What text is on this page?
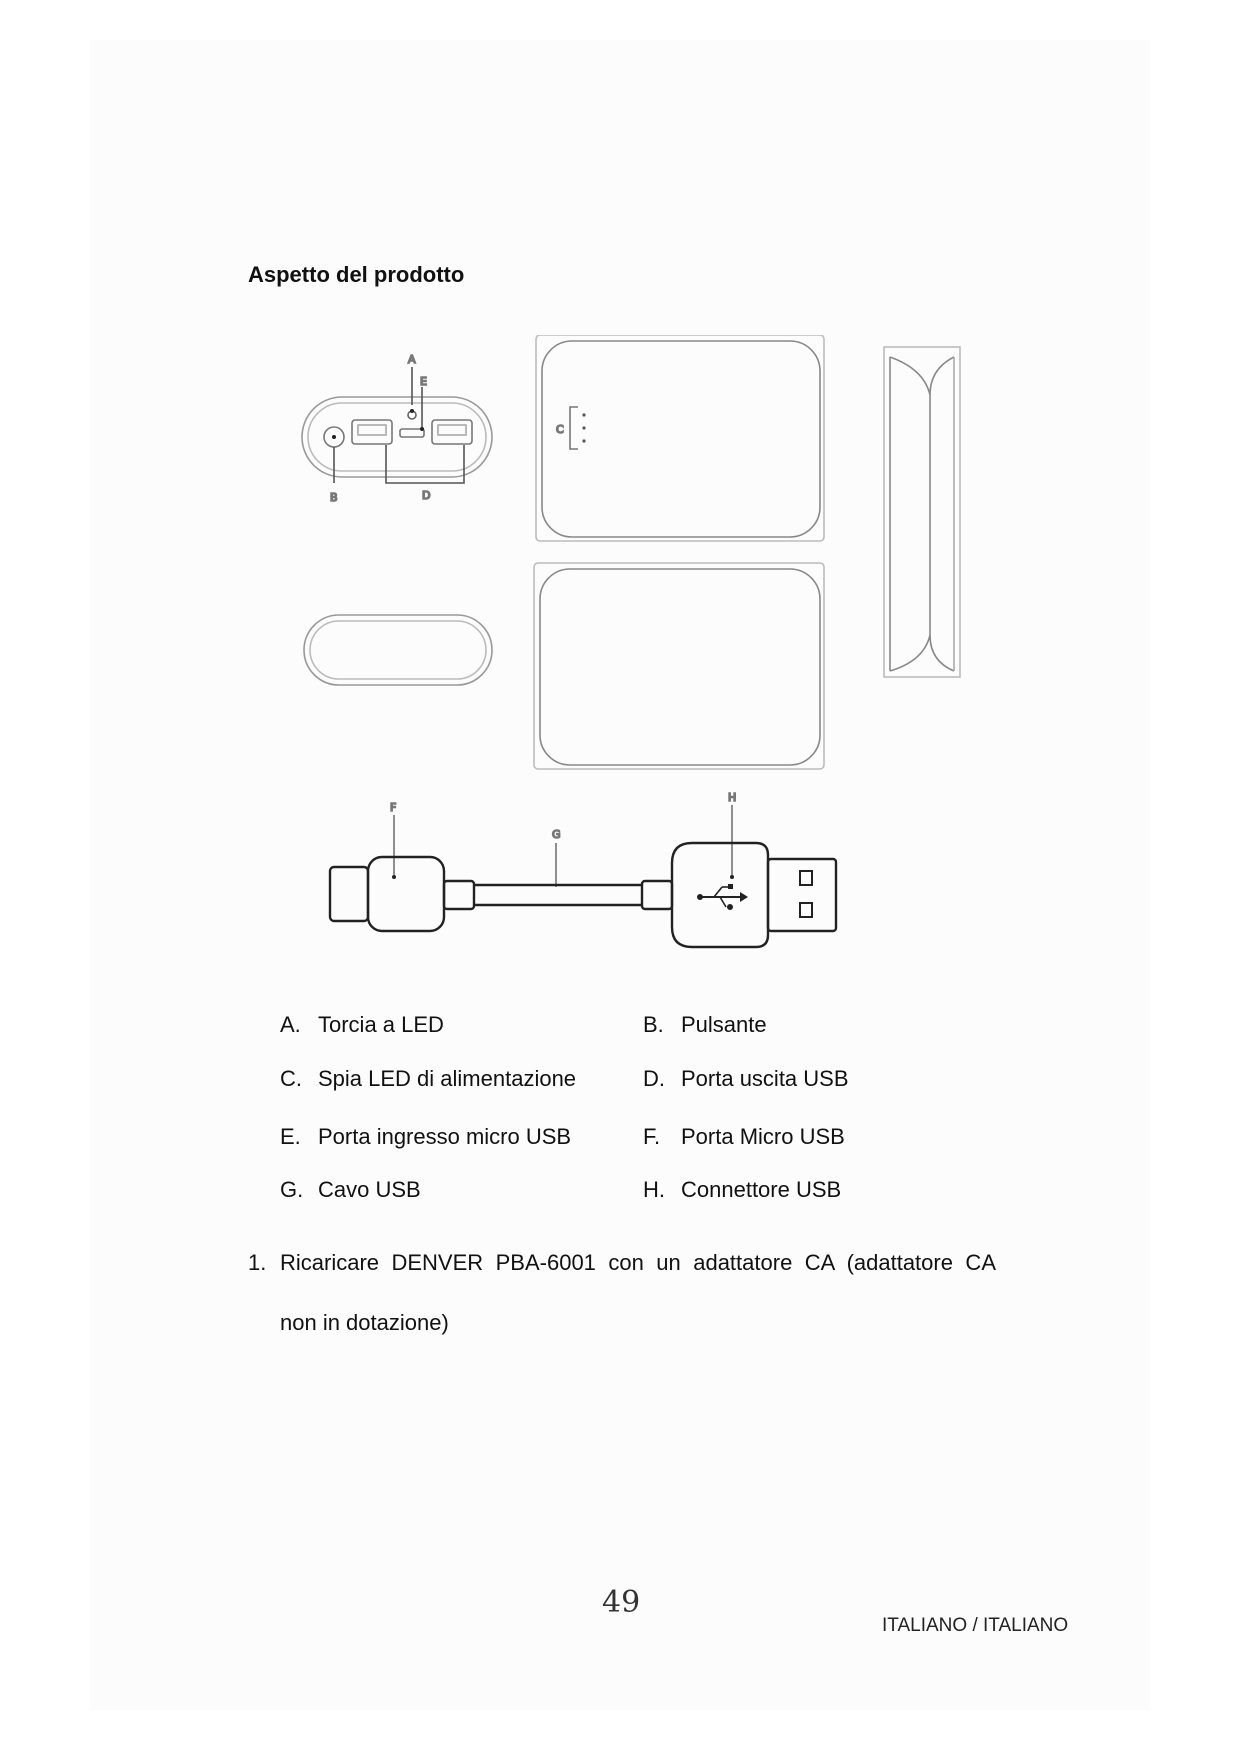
Aspetto del prodotto
A
E
B	D
C
F
G
H
A. Torcia a LED	B. Pulsante
C. Spia LED di alimentazione	D. Porta uscita USB
E. Porta ingresso micro USB	F. Porta Micro USB
G. Cavo USB	H. Connettore USB
1. Ricaricare DENVER PBA-6001 con un adattatore CA (adattatore CA
non in dotazione)
49
ITALIANO / ITALIANO
